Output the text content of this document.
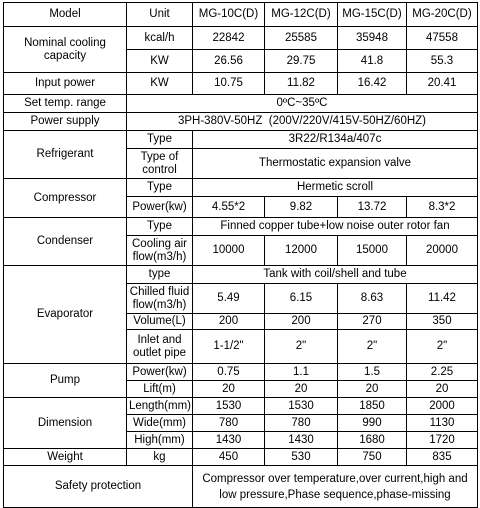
Model	Unit	MG-10C(D)	MG-12C(D)	MG-15C(D)	MG-20C(D)
Nominal cooling capacity	kcal/h	22842	25585	35948	47558
	KW	26.56	29.75	41.8	55.3
Input power	KW	10.75	11.82	16.42	20.41
Set temp. range	0ºC~35ºC				
Power supply	3PH-380V-50HZ  (200V/220V/415V-50HZ/60HZ)				
Refrigerant	Type	3R22/R134a/407c			
	Type of control	Thermostatic expansion valve			
Compressor	Type	Hermetic scroll			
	Power(kw)	4.55*2	9.82	13.72	8.3*2
Condenser	Type	Finned copper tube+low noise outer rotor fan			
	Cooling air flow(m3/h)	10000	12000	15000	20000
Evaporator	type	Tank with coil/shell and tube			
	Chilled fluid flow(m3/h)	5.49	6.15	8.63	11.42
	Volume(L)	200	200	270	350
	Inlet and outlet pipe	1-1/2"	2"	2"	2"
Pump	Power(kw)	0.75	1.1	1.5	2.25
	Lift(m)	20	20	20	20
Dimension	Length(mm)	1530	1530	1850	2000
	Wide(mm)	780	780	990	1130
	High(mm)	1430	1430	1680	1720
Weight	kg	450	530	750	835
Safety protection		Compressor over temperature,over current,high and low pressure,Phase sequence,phase-missing			
